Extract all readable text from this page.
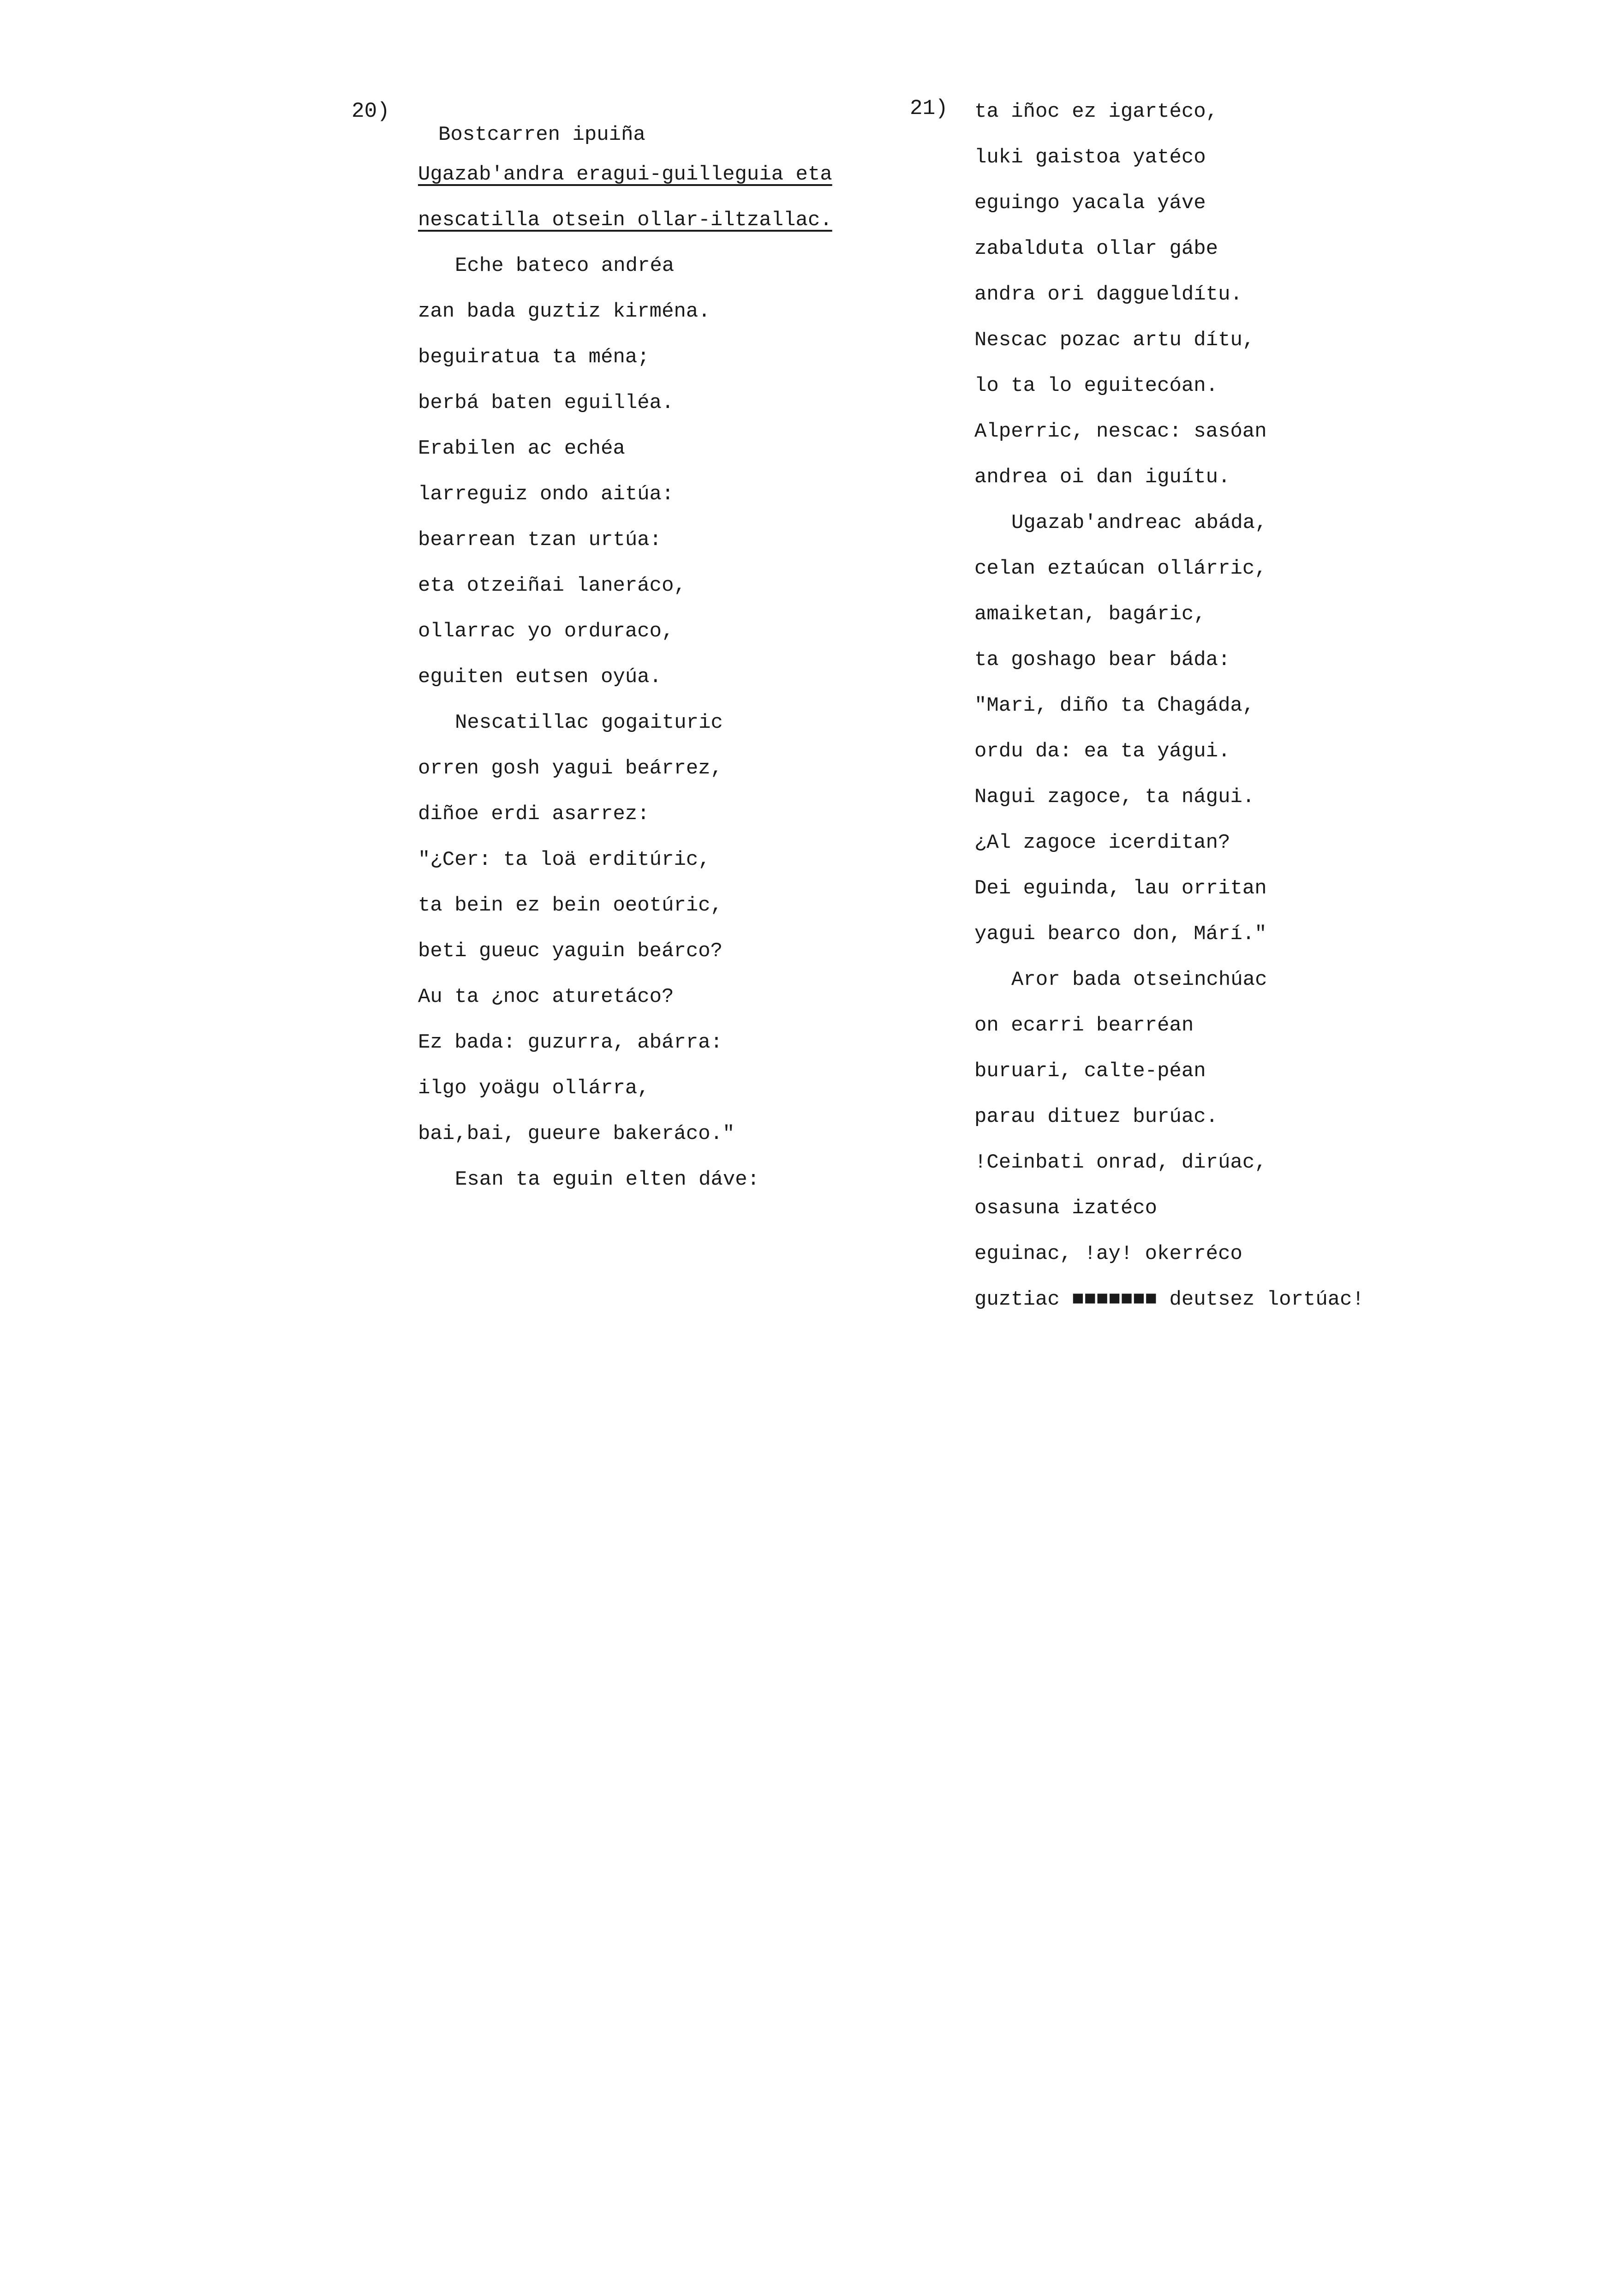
20)	21)
Bostcarren ipuiña
Ugazab'andra eragui-guilleguia eta
nescatilla otsein ollar-iltzallac.
Eche bateco andréa
zan bada guztiz kirména.
beguiratua ta ména;
berbá baten eguilléa.
Erabilen ac echéa
larreguiz ondo aitúa:
bearrean tzan urtúa:
eta otzeiñai laneráco,
ollarrac yo orduraco,
eguiten eutsen oyúa.
Nescatillac gogaituric
orren gosh yagui beárrez,
diñoe erdi asarrez:
"¿Cer: ta loä erditúric,
ta bein ez bein oeotúric,
beti gueuc yaguin beárco?
Au ta ¿noc aturetáco?
Ez bada: guzurra, abárra:
ilgo yoägu ollárra,
bai,bai, gueure bakeráco."
Esan ta eguin elten dáve:
ta iñoc ez igartéco,
luki gaistoa yatéco
eguingo yacala yáve
zabalduta ollar gábe
andra ori daggueldítu.
Nescac pozac artu dítu,
lo ta lo eguitecóan.
Alperric, nescac: sasóan
andrea oi dan iguítu.
Ugazab'andreac abáda,
celan eztaúcan ollárric,
amaiketan, bagáric,
ta goshago bear báda:
"Mari, diño ta Chagáda,
ordu da: ea ta yágui.
Nagui zagoce, ta nágui.
¿Al zagoce icerditan?
Dei eguinda, lau orritan
yagui bearco don, Márí."
Aror bada otseinchúac
on ecarri bearréan
buruari, calte-péan
parau dituez burúac.
!Ceinbati onrad, dirúac,
osasuna izatéco
eguinac, !ay! okerréco
guztiac ■■■■■■■ deutsez lortúac!
